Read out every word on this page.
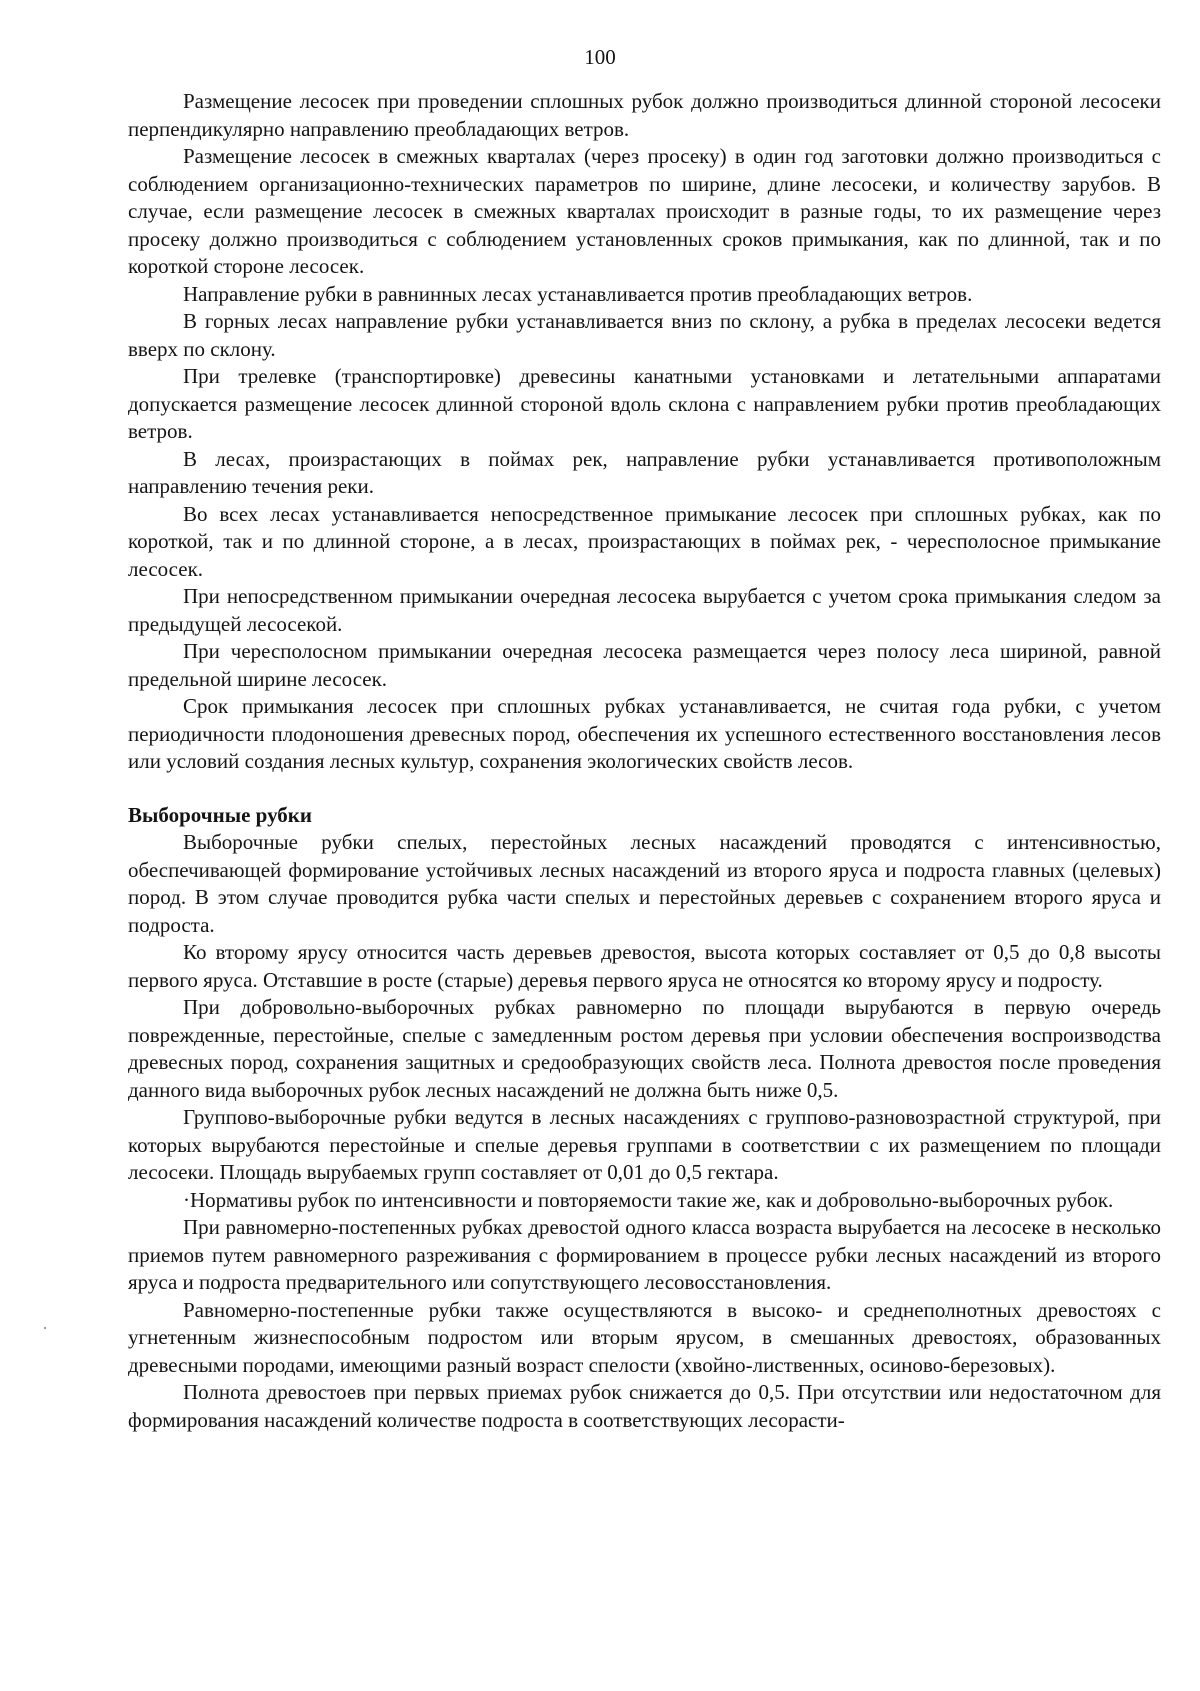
100

Размещение лесосек при проведении сплошных рубок должно производиться длинной стороной лесосеки перпендикулярно направлению преобладающих ветров.

Размещение лесосек в смежных кварталах (через просеку) в один год заготовки должно производиться с соблюдением организационно-технических параметров по ширине, длине лесосеки, и количеству зарубов. В случае, если размещение лесосек в смежных кварталах происходит в разные годы, то их размещение через просеку должно производиться с соблюдением установленных сроков примыкания, как по длинной, так и по короткой стороне лесосек.

Направление рубки в равнинных лесах устанавливается против преобладающих ветров.

В горных лесах направление рубки устанавливается вниз по склону, а рубка в пределах лесосеки ведется вверх по склону.

При трелевке (транспортировке) древесины канатными установками и летательными аппаратами допускается размещение лесосек длинной стороной вдоль склона с направлением рубки против преобладающих ветров.

В лесах, произрастающих в поймах рек, направление рубки устанавливается противоположным направлению течения реки.

Во всех лесах устанавливается непосредственное примыкание лесосек при сплошных рубках, как по короткой, так и по длинной стороне, а в лесах, произрастающих в поймах рек, - чересполосное примыкание лесосек.

При непосредственном примыкании очередная лесосека вырубается с учетом срока примыкания следом за предыдущей лесосекой.

При чересполосном примыкании очередная лесосека размещается через полосу леса шириной, равной предельной ширине лесосек.

Срок примыкания лесосек при сплошных рубках устанавливается, не считая года рубки, с учетом периодичности плодоношения древесных пород, обеспечения их успешного естественного восстановления лесов или условий создания лесных культур, сохранения экологических свойств лесов.

Выборочные рубки

Выборочные рубки спелых, перестойных лесных насаждений проводятся с интенсивностью, обеспечивающей формирование устойчивых лесных насаждений из второго яруса и подроста главных (целевых) пород. В этом случае проводится рубка части спелых и перестойных деревьев с сохранением второго яруса и подроста.

Ко второму ярусу относится часть деревьев древостоя, высота которых составляет от 0,5 до 0,8 высоты первого яруса. Отставшие в росте (старые) деревья первого яруса не относятся ко второму ярусу и подросту.

При добровольно-выборочных рубках равномерно по площади вырубаются в первую очередь поврежденные, перестойные, спелые с замедленным ростом деревья при условии обеспечения воспроизводства древесных пород, сохранения защитных и средообразующих свойств леса. Полнота древостоя после проведения данного вида выборочных рубок лесных насаждений не должна быть ниже 0,5.

Группово-выборочные рубки ведутся в лесных насаждениях с группово-разновозрастной структурой, при которых вырубаются перестойные и спелые деревья группами в соответствии с их размещением по площади лесосеки. Площадь вырубаемых групп составляет от 0,01 до 0,5 гектара.

·Нормативы рубок по интенсивности и повторяемости такие же, как и добровольно-выборочных рубок.

При равномерно-постепенных рубках древостой одного класса возраста вырубается на лесосеке в несколько приемов путем равномерного разреживания с формированием в процессе рубки лесных насаждений из второго яруса и подроста предварительного или сопутствующего лесовосстановления.

Равномерно-постепенные рубки также осуществляются в высоко- и среднеполнотных древостоях с угнетенным жизнеспособным подростом или вторым ярусом, в смешанных древостоях, образованных древесными породами, имеющими разный возраст спелости (хвойно-лиственных, осиново-березовых).

Полнота древостоев при первых приемах рубок снижается до 0,5. При отсутствии или недостаточном для формирования насаждений количестве подроста в соответствующих лесорасти-
